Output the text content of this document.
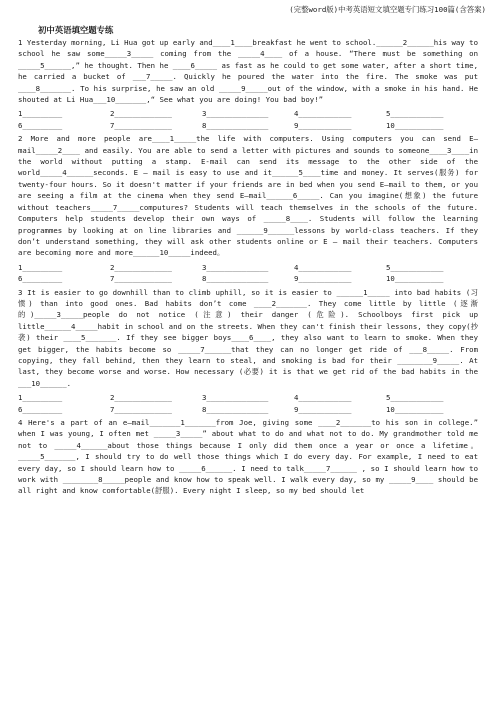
(完整word版)中考英语短文填空题专门练习100篇(含答案)
初中英语填空题专练

1 Yesterday morning, Li Hua got up early and____1____breakfast he went to school.______2______his way to school he saw some_____3_____ coming from the _____4____ of a house. “There must be something on _____5______,” he thought. Then he ____6_____ as fast as he could to get some water, after a short time, he carried a bucket of ___7_____. Quickly he poured the water into the fire. The smoke was put ____8_______. To his surprise, he saw an old _____9_____out of the window, with a smoke in his hand. He shouted at Li Hua___10_______,“ See what you are doing! You bad boy!”

1_________	2_____________	3______________	4____________	5____________
6_________	7_____________	8______________	9____________	10___________

2 More and more people are____1_____the life with computers. Using computers you can send E—mail_____2____ and easily. You are able to send a letter with pictures and sounds to someone____3____in the world without putting a stamp. E-mail can send its message to the other side of the world_____4______seconds. E — mail is easy to use and it______5____time and money. It serves(服务) for twenty-four hours. So it doesn't matter if your friends are in bed when you send E—mail to them, or you are seeing a film at the cinema when they send E—mail______6_____. Can you imagine(想象) the future without teachers_____7_____computures? Students will teach themselves in the schools of the future. Computers help students develop their own ways of _____8____. Students will follow the learning programmes by looking at on line libraries and ______9______lessons by world-class teachers. If they don’t understand something, they will ask other students online or E — mail their teachers. Computers are becoming more and more______10_____indeed。

1_________	2_____________	3______________	4____________	5____________
6_________	7_____________	8______________	9____________	10___________

3 It is easier to go downhill than to climb uphill, so it is easier to ______1_____ into bad habits (习惯) than into good ones. Bad habits don’t come ____2_______. They come little by little (逐渐的)_____3_____people do not notice (注意) their danger (危险). Schoolboys first pick up little______4_____habit in school and on the streets. When they can't finish their lessons, they copy(抄袭) their ____5_______. If they see bigger boys____6____, they also want to learn to smoke. When they get bigger, the habits become so _____7______that they can no longer get ride of ___8_____. From copying, they fall behind, then they learn to steal, and smoking is bad for their ________9_____. At last, they become worse and worse. How necessary (必要) it is that we get rid of the bad habits in the ___10______.

1_________	2_____________	3______________	4____________	5____________
6_________	7_____________	8______________	9____________	10___________

4 Here's a part of an e—mail_______1_______from Joe, giving some ____2_______to his son in college.” when I was young, I often met _____3_____” about what to do and what not to do. My grandmother told me not to _____4______about those things because I only did them once a year or once a lifetime。 _____5_______, I should try to do well those things which I do every day. For example, I need to eat every day, so I should learn how to _____6______. I need to talk_____7______ , so I should learn how to work with ________8_____people and know how to speak well. I walk every day, so my _____9____ should be all right and know comfortable(舒服). Every night I sleep, so my bed should let
